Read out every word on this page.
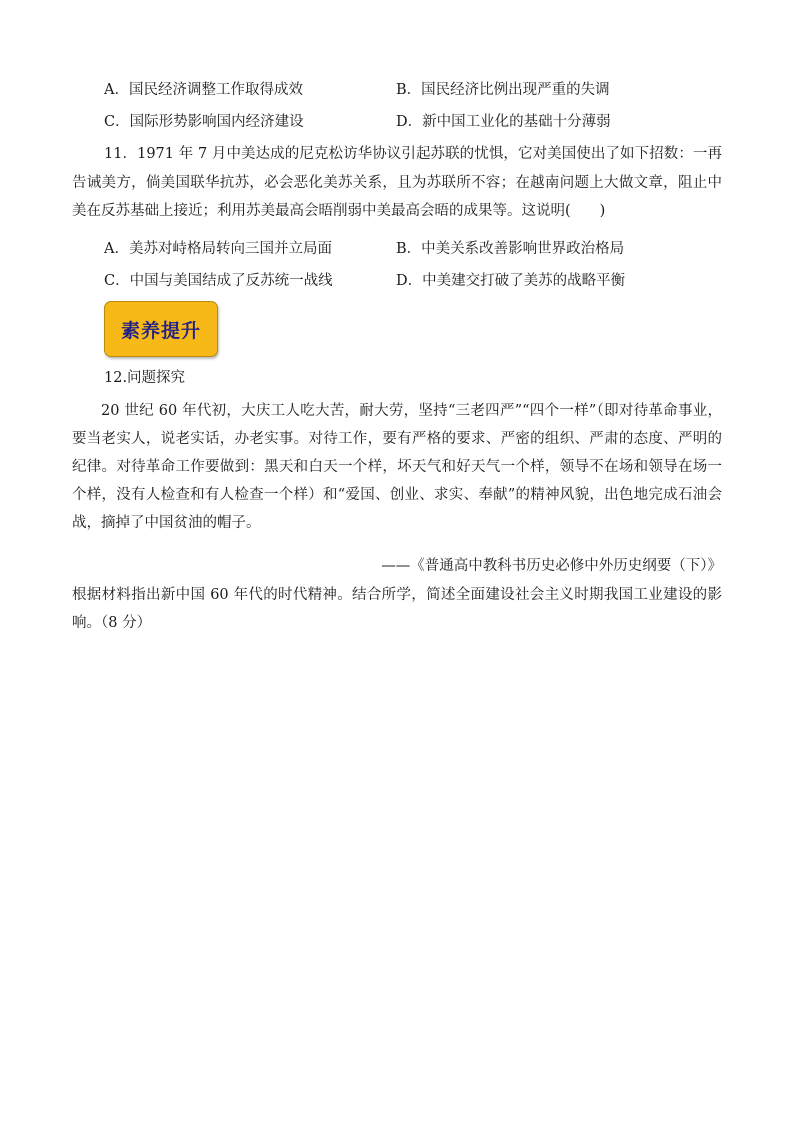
A．国民经济调整工作取得成效	B．国民经济比例出现严重的失调
C．国际形势影响国内经济建设	D．新中国工业化的基础十分薄弱
11．1971 年 7 月中美达成的尼克松访华协议引起苏联的忧惧，它对美国使出了如下招数：一再告诫美方，倘美国联华抗苏，必会恶化美苏关系，且为苏联所不容；在越南问题上大做文章，阻止中美在反苏基础上接近；利用苏美最高会晤削弱中美最高会晤的成果等。这说明(　　)
A．美苏对峙格局转向三国并立局面	B．中美关系改善影响世界政治格局
C．中国与美国结成了反苏统一战线	D．中美建交打破了美苏的战略平衡
素养提升
12.问题探究
20 世纪 60 年代初，大庆工人吃大苦，耐大劳，坚持“三老四严”“四个一样”（即对待革命事业，要当老实人，说老实话，办老实事。对待工作，要有严格的要求、严密的组织、严肃的态度、严明的纪律。对待革命工作要做到：黑天和白天一个样，坏天气和好天气一个样，领导不在场和领导在场一个样，没有人检查和有人检查一个样）和“爱国、创业、求实、奉献”的精神风貌，出色地完成石油会战，摘掉了中国贫油的帽子。
——《普通高中教科书历史必修中外历史纲要（下）》
根据材料指出新中国 60 年代的时代精神。结合所学，简述全面建设社会主义时期我国工业建设的影响。（8 分）
